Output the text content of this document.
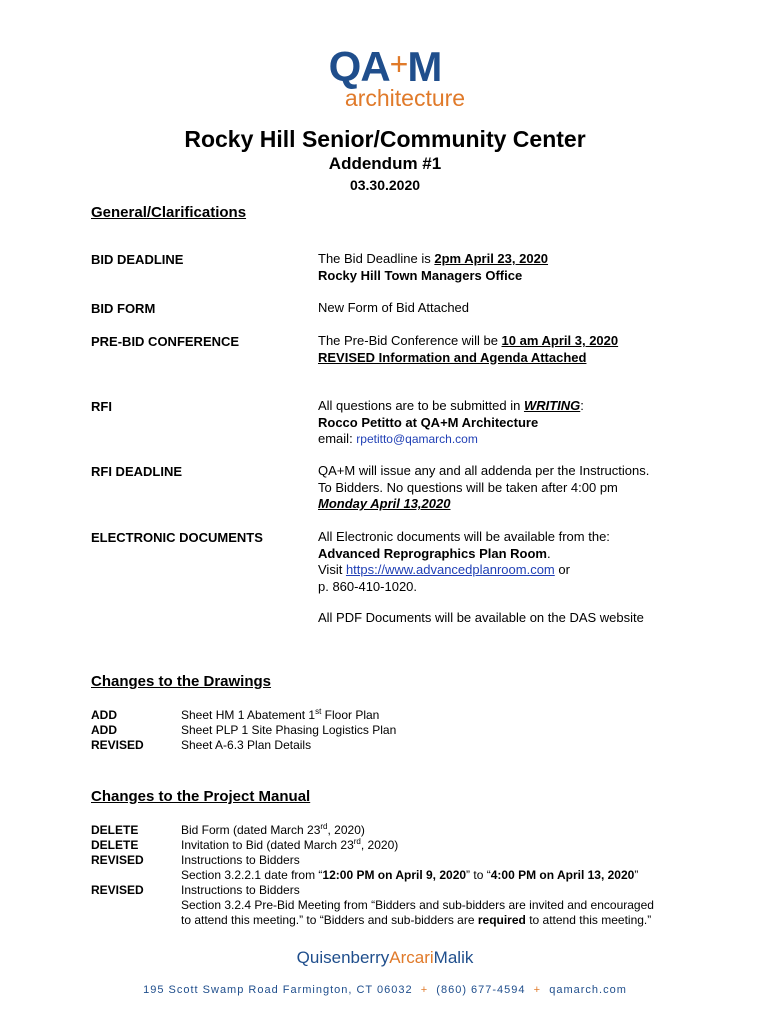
QA+M
architecture
Rocky Hill Senior/Community Center
Addendum #1
03.30.2020
General/Clarifications
BID DEADLINE	The Bid Deadline is 2pm April 23, 2020
Rocky Hill Town Managers Office
BID FORM	New Form of Bid Attached
PRE-BID CONFERENCE	The Pre-Bid Conference will be 10 am April 3, 2020
REVISED Information and Agenda Attached
RFI	All questions are to be submitted in WRITING:
Rocco Petitto at QA+M Architecture
email: rpetitto@qamarch.com
RFI DEADLINE	QA+M will issue any and all addenda per the Instructions.
To Bidders. No questions will be taken after 4:00 pm
Monday April 13,2020
ELECTRONIC DOCUMENTS	All Electronic documents will be available from the:
Advanced Reprographics Plan Room.
Visit https://www.advancedplanroom.com or
p. 860-410-1020.
All PDF Documents will be available on the DAS website
Changes to the Drawings
ADD	Sheet HM 1 Abatement 1st Floor Plan
ADD	Sheet PLP 1 Site Phasing Logistics Plan
REVISED	Sheet A-6.3 Plan Details
Changes to the Project Manual
DELETE	Bid Form (dated March 23rd, 2020)
DELETE	Invitation to Bid (dated March 23rd, 2020)
REVISED	Instructions to Bidders
Section 3.2.2.1 date from “12:00 PM on April 9, 2020” to “4:00 PM on April 13, 2020”
REVISED	Instructions to Bidders
Section 3.2.4 Pre-Bid Meeting from “Bidders and sub-bidders are invited and encouraged
to attend this meeting.” to “Bidders and sub-bidders are required to attend this meeting.”
QuisenberryArcariMalik
195 Scott Swamp Road Farmington, CT 06032 + (860) 677-4594 + qamarch.com
